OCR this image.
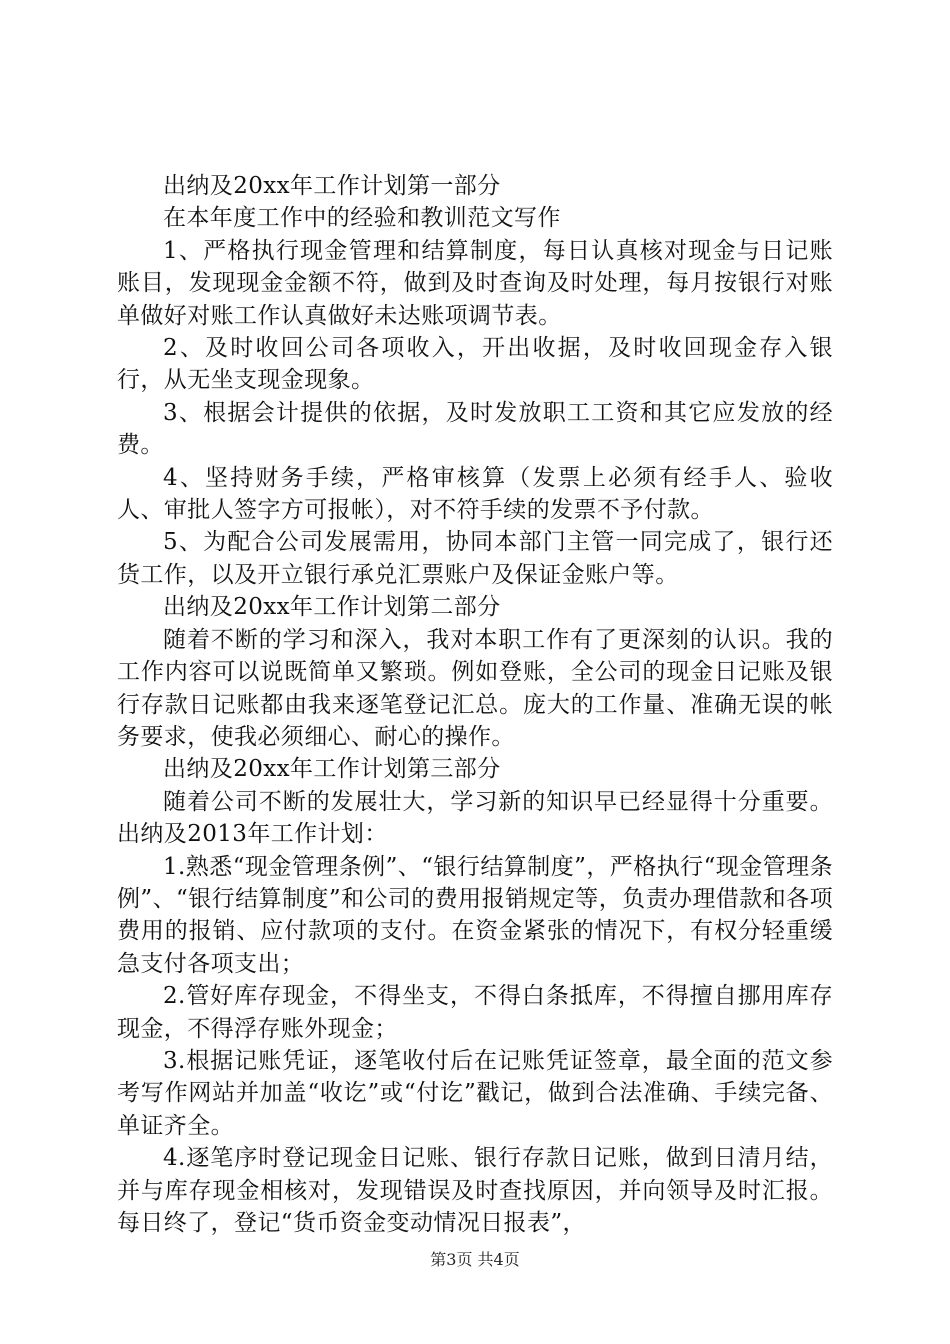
出纳及20xx年工作计划第一部分

在本年度工作中的经验和教训范文写作

1、严格执行现金管理和结算制度，每日认真核对现金与日记账账目，发现现金金额不符，做到及时查询及时处理，每月按银行对账单做好对账工作认真做好未达账项调节表。

2、及时收回公司各项收入，开出收据，及时收回现金存入银行，从无坐支现金现象。

3、根据会计提供的依据，及时发放职工工资和其它应发放的经费。

4、坚持财务手续，严格审核算（发票上必须有经手人、验收人、审批人签字方可报帐），对不符手续的发票不予付款。

5、为配合公司发展需用，协同本部门主管一同完成了，银行还货工作，以及开立银行承兑汇票账户及保证金账户等。

出纳及20xx年工作计划第二部分

随着不断的学习和深入，我对本职工作有了更深刻的认识。我的工作内容可以说既简单又繁琐。例如登账，全公司的现金日记账及银行存款日记账都由我来逐笔登记汇总。庞大的工作量、准确无误的帐务要求，使我必须细心、耐心的操作。

出纳及20xx年工作计划第三部分

随着公司不断的发展壮大，学习新的知识早已经显得十分重要。出纳及2013年工作计划：

1.熟悉“现金管理条例”、“银行结算制度”，严格执行“现金管理条例”、“银行结算制度”和公司的费用报销规定等，负责办理借款和各项费用的报销、应付款项的支付。在资金紧张的情况下，有权分轻重缓急支付各项支出；

2.管好库存现金，不得坐支，不得白条抵库，不得擅自挪用库存现金，不得浮存账外现金；

3.根据记账凭证，逐笔收付后在记账凭证签章，最全面的范文参考写作网站并加盖“收讫”或“付讫”戳记，做到合法准确、手续完备、单证齐全。

4.逐笔序时登记现金日记账、银行存款日记账，做到日清月结，并与库存现金相核对，发现错误及时查找原因，并向领导及时汇报。每日终了，登记“货币资金变动情况日报表”，

第3页 共4页
